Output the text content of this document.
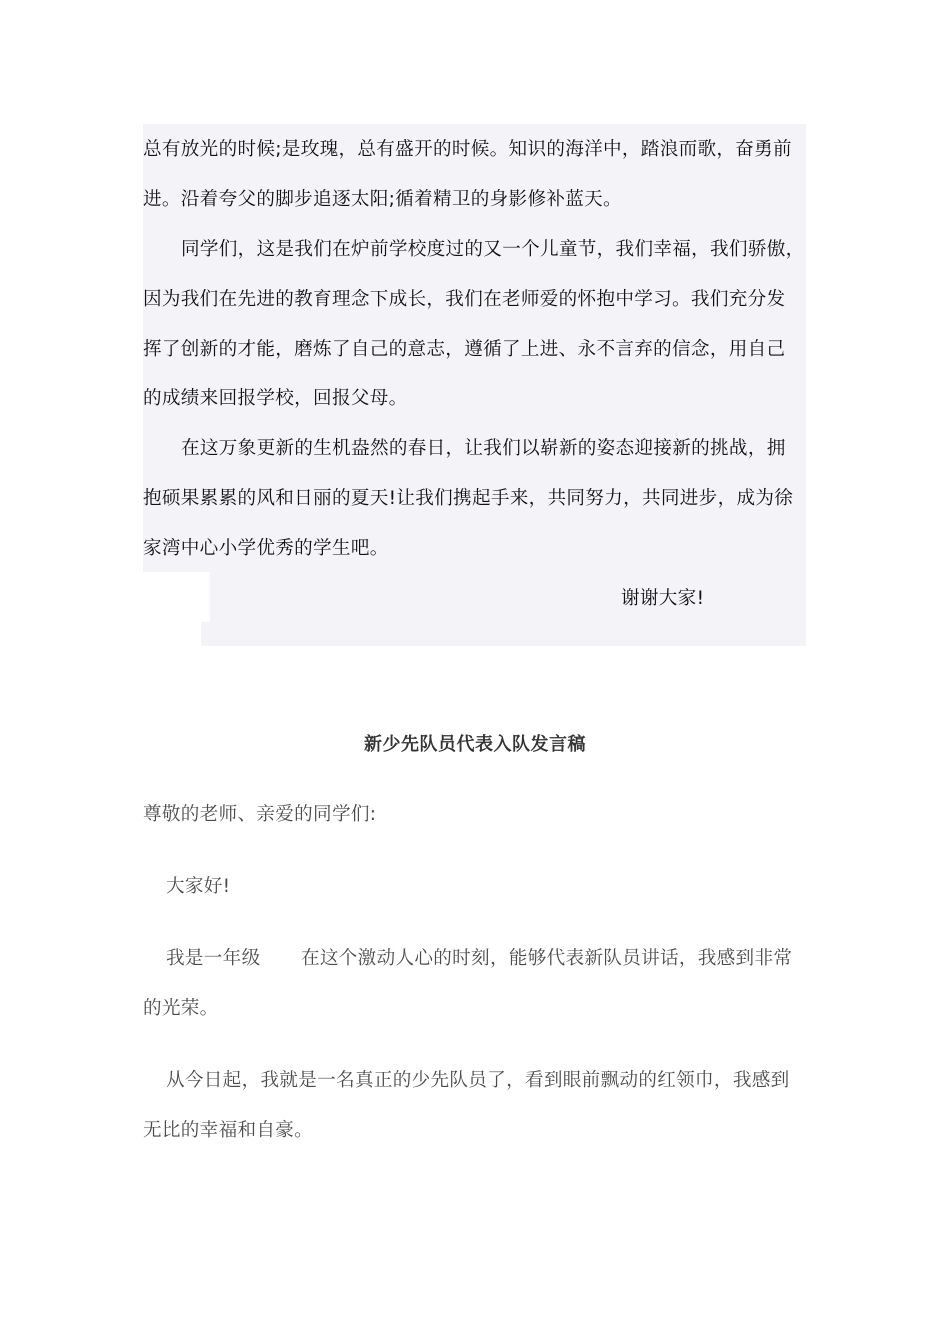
总有放光的时候;是玫瑰，总有盛开的时候。知识的海洋中，踏浪而歌，奋勇前
进。沿着夸父的脚步追逐太阳;循着精卫的身影修补蓝天。
同学们，这是我们在炉前学校度过的又一个儿童节，我们幸福，我们骄傲，
因为我们在先进的教育理念下成长，我们在老师爱的怀抱中学习。我们充分发
挥了创新的才能，磨炼了自己的意志，遵循了上进、永不言弃的信念，用自己
的成绩来回报学校，回报父母。
在这万象更新的生机盎然的春日，让我们以崭新的姿态迎接新的挑战，拥
抱硕果累累的风和日丽的夏天!让我们携起手来，共同努力，共同进步，成为徐
家湾中心小学优秀的学生吧。
谢谢大家!
新少先队员代表入队发言稿
尊敬的老师、亲爱的同学们:
大家好!
我是一年级 在这个激动人心的时刻，能够代表新队员讲话，我感到非常
的光荣。
从今日起，我就是一名真正的少先队员了，看到眼前飘动的红领巾，我感到
无比的幸福和自豪。
